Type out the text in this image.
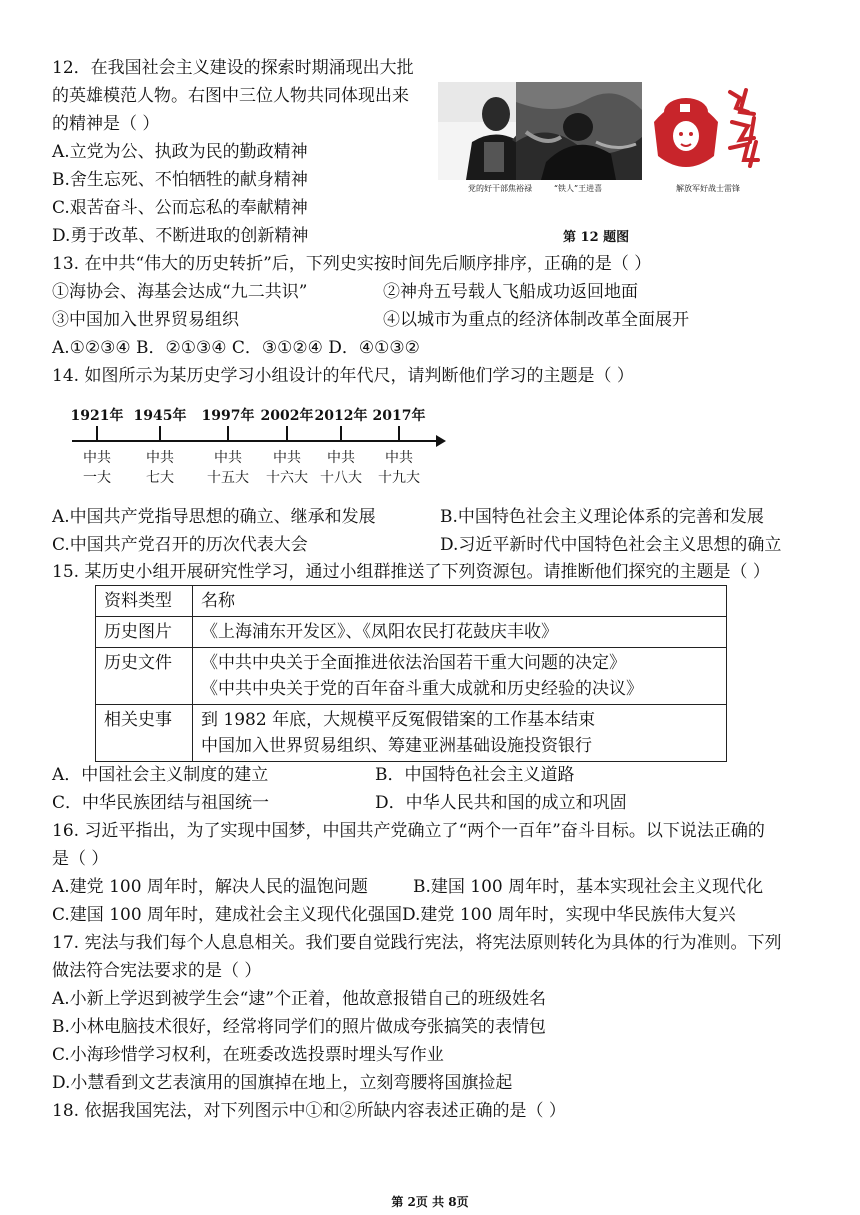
12．在我国社会主义建设的探索时期涌现出大批
的英雄模范人物。右图中三位人物共同体现出来
的精神是（ ）
A.立党为公、执政为民的勤政精神
B.舍生忘死、不怕牺牲的献身精神
C.艰苦奋斗、公而忘私的奉献精神
D.勇于改革、不断进取的创新精神
党的好干部焦裕禄	“铁人”王进喜	解放军好战士雷锋
第 12 题图
13. 在中共“伟大的历史转折”后，下列史实按时间先后顺序排序，正确的是（ ）
①海协会、海基会达成“九二共识”	②神舟五号载人飞船成功返回地面
③中国加入世界贸易组织	④以城市为重点的经济体制改革全面展开
A.①②③④ B．②①③④ C．③①②④ D．④①③②
14. 如图所示为某历史学习小组设计的年代尺，请判断他们学习的主题是（ ）
1921年 1945年	1997年 2002年 2012年 2017年
中共
一大
中共
七大
中共
十五大
中共
十六大
中共
十八大
中共
十九大
A.中国共产党指导思想的确立、继承和发展	B.中国特色社会主义理论体系的完善和发展
C.中国共产党召开的历次代表大会	D.习近平新时代中国特色社会主义思想的确立
15. 某历史小组开展研究性学习，通过小组群推送了下列资源包。请推断他们探究的主题是（ ）
资料类型	名称
历史图片	《上海浦东开发区》、《凤阳农民打花鼓庆丰收》

历史文件	《中共中央关于全面推进依法治国若干重大问题的决定》
《中共中央关于党的百年奋斗重大成就和历史经验的决议》

相关史事	到 1982 年底，大规模平反冤假错案的工作基本结束
中国加入世界贸易组织、筹建亚洲基础设施投资银行
A．中国社会主义制度的建立	B．中国特色社会主义道路
C．中华民族团结与祖国统一	D．中华人民共和国的成立和巩固
16. 习近平指出，为了实现中国梦，中国共产党确立了“两个一百年”奋斗目标。以下说法正确的
是（ ）
A.建党 100 周年时，解决人民的温饱问题	B.建国 100 周年时，基本实现社会主义现代化
C.建国 100 周年时，建成社会主义现代化强国 D.建党 100 周年时，实现中华民族伟大复兴
17. 宪法与我们每个人息息相关。我们要自觉践行宪法，将宪法原则转化为具体的行为准则。下列
做法符合宪法要求的是（ ）
A.小新上学迟到被学生会“逮”个正着，他故意报错自己的班级姓名
B.小林电脑技术很好，经常将同学们的照片做成夸张搞笑的表情包
C.小海珍惜学习权利，在班委改选投票时埋头写作业
D.小慧看到文艺表演用的国旗掉在地上，立刻弯腰将国旗捡起
18. 依据我国宪法，对下列图示中①和②所缺内容表述正确的是（ ）
第 2页 共 8页
